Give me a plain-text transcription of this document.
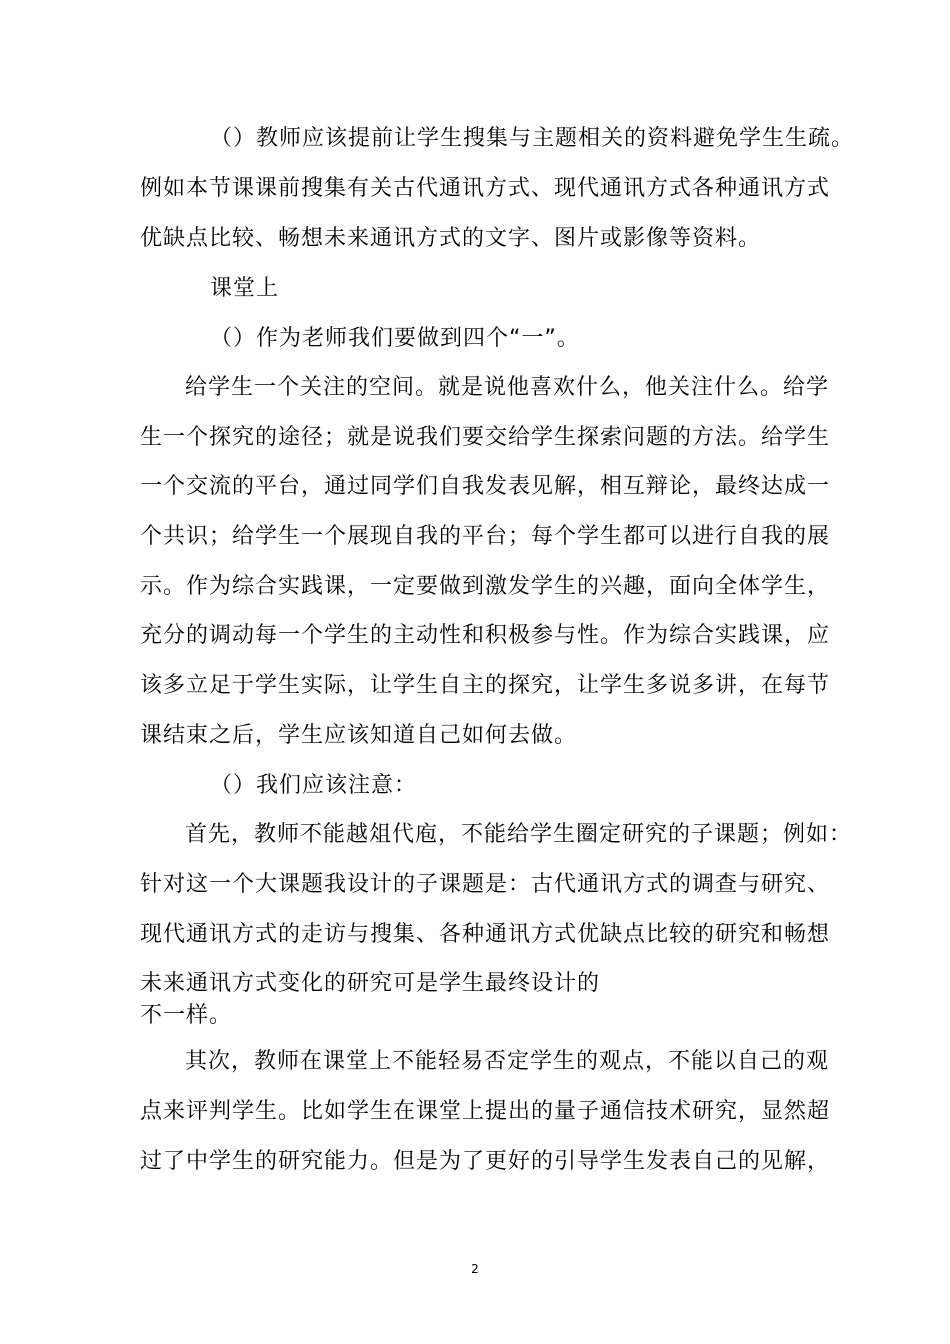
（）教师应该提前让学生搜集与主题相关的资料避免学生生疏。
例如本节课课前搜集有关古代通讯方式、现代通讯方式各种通讯方式
优缺点比较、畅想未来通讯方式的文字、图片或影像等资料。
课堂上
（）作为老师我们要做到四个“一”。
给学生一个关注的空间。就是说他喜欢什么，他关注什么。给学
生一个探究的途径；就是说我们要交给学生探索问题的方法。给学生
一个交流的平台，通过同学们自我发表见解，相互辩论，最终达成一
个共识；给学生一个展现自我的平台；每个学生都可以进行自我的展
示。作为综合实践课，一定要做到激发学生的兴趣，面向全体学生，
充分的调动每一个学生的主动性和积极参与性。作为综合实践课，应
该多立足于学生实际，让学生自主的探究，让学生多说多讲，在每节
课结束之后，学生应该知道自己如何去做。
（）我们应该注意：
首先，教师不能越俎代庖，不能给学生圈定研究的子课题；例如：
针对这一个大课题我设计的子课题是：古代通讯方式的调查与研究、
现代通讯方式的走访与搜集、各种通讯方式优缺点比较的研究和畅想
未来通讯方式变化的研究可是学生最终设计的
不一样。
其次，教师在课堂上不能轻易否定学生的观点，不能以自己的观
点来评判学生。比如学生在课堂上提出的量子通信技术研究，显然超
过了中学生的研究能力。但是为了更好的引导学生发表自己的见解，
2
